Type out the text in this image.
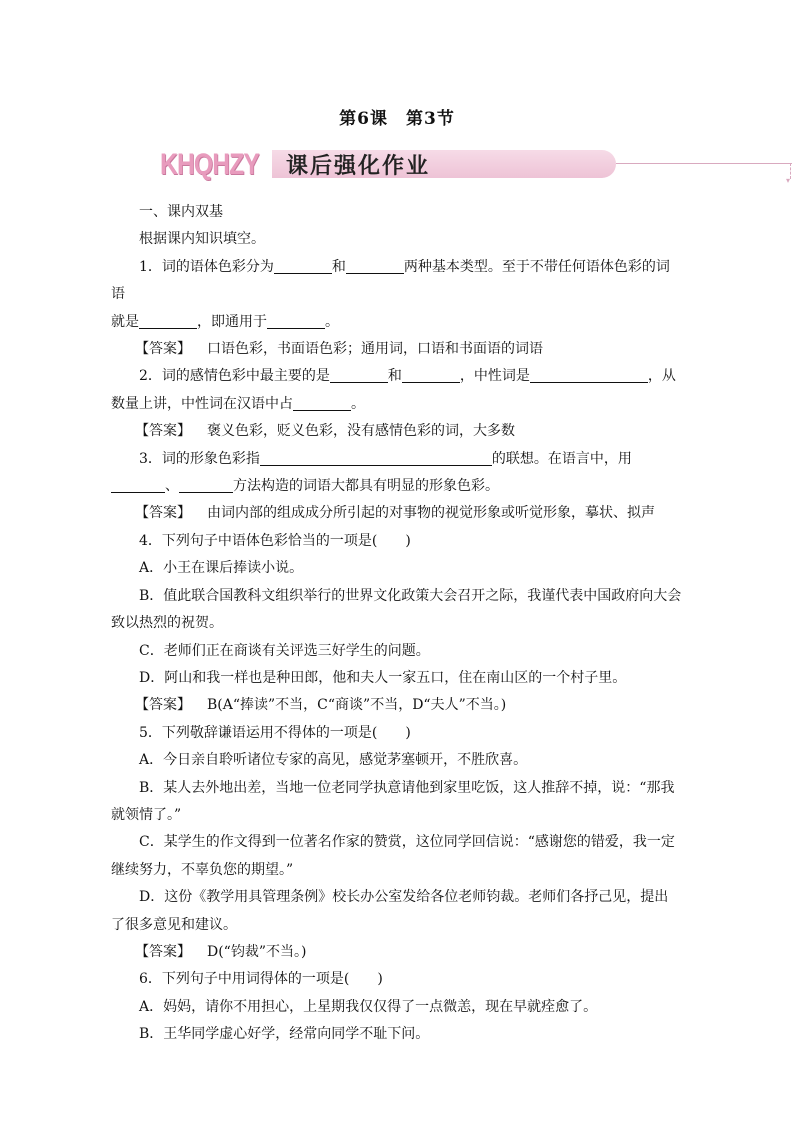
第6课　第3节
KHQHZY 课后强化作业
▾

一、课内双基

根据课内知识填空。

1．词的语体色彩分为	和	两种基本类型。至于不带任何语体色彩的词语

就是	，即通用于	。

【答案】 口语色彩，书面语色彩；通用词，口语和书面语的词语

2．词的感情色彩中最主要的是	和	，中性词是	，从

数量上讲，中性词在汉语中占	。

【答案】 褒义色彩，贬义色彩，没有感情色彩的词，大多数

3．词的形象色彩指	的联想。在语言中，用

、	方法构造的词语大都具有明显的形象色彩。

【答案】 由词内部的组成成分所引起的对事物的视觉形象或听觉形象，摹状、拟声

4．下列句子中语体色彩恰当的一项是(　　)

A．小王在课后捧读小说。

B．值此联合国教科文组织举行的世界文化政策大会召开之际，我谨代表中国政府向大会

致以热烈的祝贺。

C．老师们正在商谈有关评选三好学生的问题。

D．阿山和我一样也是种田郎，他和夫人一家五口，住在南山区的一个村子里。

【答案】 B(A“捧读”不当，C“商谈”不当，D“夫人”不当。)

5．下列敬辞谦语运用不得体的一项是(　　)

A．今日亲自聆听诸位专家的高见，感觉茅塞顿开，不胜欣喜。

B．某人去外地出差，当地一位老同学执意请他到家里吃饭，这人推辞不掉，说：“那我

就领情了。”

C．某学生的作文得到一位著名作家的赞赏，这位同学回信说：“感谢您的错爱，我一定

继续努力，不辜负您的期望。”

D．这份《教学用具管理条例》校长办公室发给各位老师钧裁。老师们各抒己见，提出

了很多意见和建议。

【答案】 D(“钧裁”不当。)

6．下列句子中用词得体的一项是(　　)

A．妈妈，请你不用担心，上星期我仅仅得了一点微恙，现在早就痊愈了。

B．王华同学虚心好学，经常向同学不耻下问。
